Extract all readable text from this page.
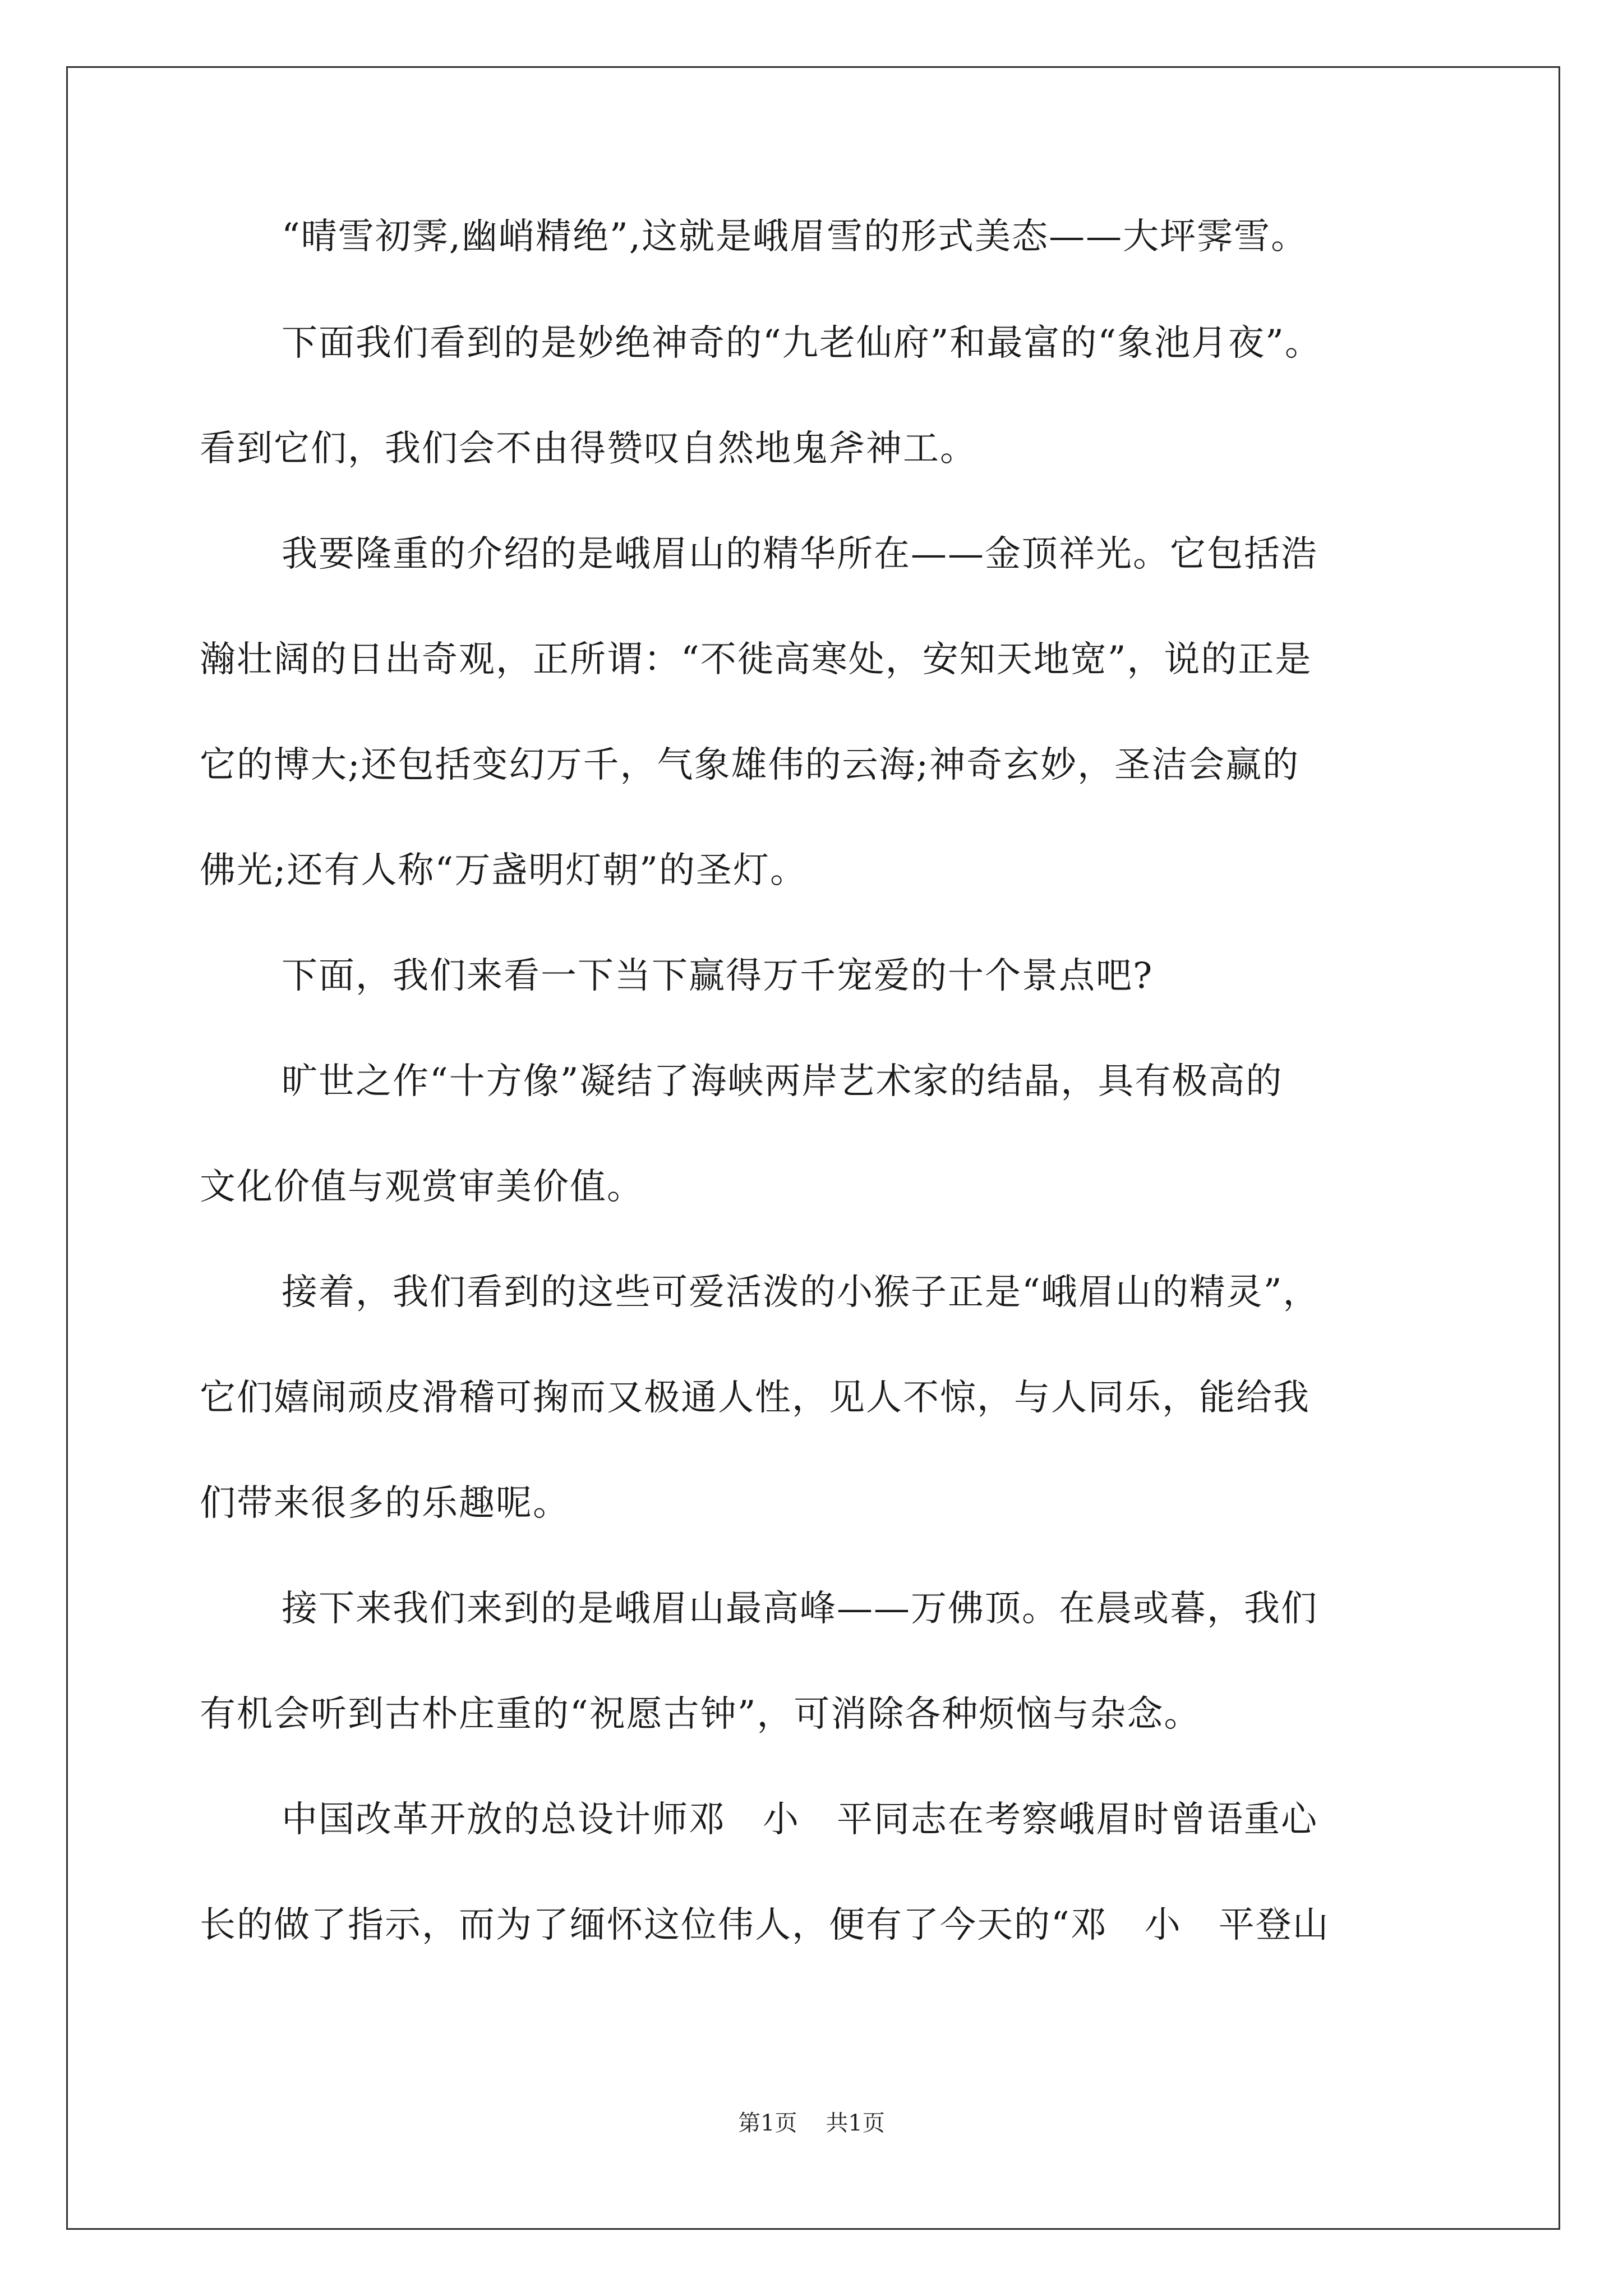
“晴雪初霁,幽峭精绝”,这就是峨眉雪的形式美态——大坪霁雪。
下面我们看到的是妙绝神奇的“九老仙府”和最富的“象池月夜”。
看到它们，我们会不由得赞叹自然地鬼斧神工。
我要隆重的介绍的是峨眉山的精华所在——金顶祥光。它包括浩
瀚壮阔的日出奇观，正所谓：“不徙高寒处，安知天地宽”，说的正是
它的博大;还包括变幻万千，气象雄伟的云海;神奇玄妙，圣洁会赢的
佛光;还有人称“万盏明灯朝”的圣灯。
下面，我们来看一下当下赢得万千宠爱的十个景点吧?
旷世之作“十方像”凝结了海峡两岸艺术家的结晶，具有极高的
文化价值与观赏审美价值。
接着，我们看到的这些可爱活泼的小猴子正是“峨眉山的精灵”，
它们嬉闹顽皮滑稽可掬而又极通人性，见人不惊，与人同乐，能给我
们带来很多的乐趣呢。
接下来我们来到的是峨眉山最高峰——万佛顶。在晨或暮，我们
有机会听到古朴庄重的“祝愿古钟”，可消除各种烦恼与杂念。
中国改革开放的总设计师邓　小　平同志在考察峨眉时曾语重心
长的做了指示，而为了缅怀这位伟人，便有了今天的“邓　小　平登山
第1页 共1页
